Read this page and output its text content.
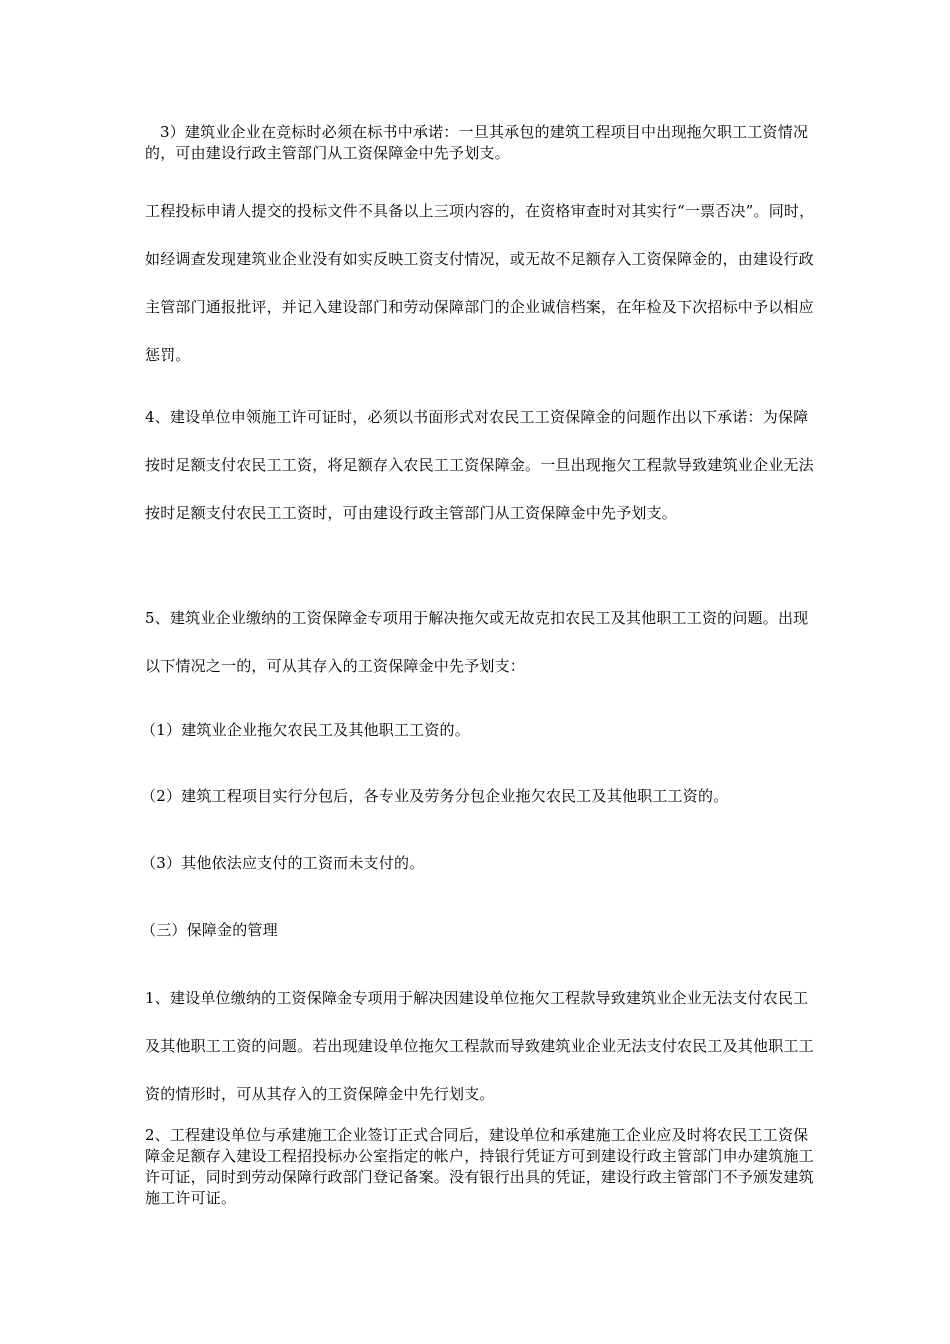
3）建筑业企业在竞标时必须在标书中承诺：一旦其承包的建筑工程项目中出现拖欠职工工资情况的，可由建设行政主管部门从工资保障金中先予划支。

工程投标申请人提交的投标文件不具备以上三项内容的，在资格审查时对其实行“一票否决”。同时，如经调查发现建筑业企业没有如实反映工资支付情况，或无故不足额存入工资保障金的，由建设行政主管部门通报批评，并记入建设部门和劳动保障部门的企业诚信档案，在年检及下次招标中予以相应惩罚。

4、建设单位申领施工许可证时，必须以书面形式对农民工工资保障金的问题作出以下承诺：为保障按时足额支付农民工工资，将足额存入农民工工资保障金。一旦出现拖欠工程款导致建筑业企业无法按时足额支付农民工工资时，可由建设行政主管部门从工资保障金中先予划支。

5、建筑业企业缴纳的工资保障金专项用于解决拖欠或无故克扣农民工及其他职工工资的问题。出现以下情况之一的，可从其存入的工资保障金中先予划支：

（1）建筑业企业拖欠农民工及其他职工工资的。

（2）建筑工程项目实行分包后，各专业及劳务分包企业拖欠农民工及其他职工工资的。

（3）其他依法应支付的工资而未支付的。

（三）保障金的管理

1、建设单位缴纳的工资保障金专项用于解决因建设单位拖欠工程款导致建筑业企业无法支付农民工及其他职工工资的问题。若出现建设单位拖欠工程款而导致建筑业企业无法支付农民工及其他职工工资的情形时，可从其存入的工资保障金中先行划支。

2、工程建设单位与承建施工企业签订正式合同后，建设单位和承建施工企业应及时将农民工工资保障金足额存入建设工程招投标办公室指定的帐户，持银行凭证方可到建设行政主管部门申办建筑施工许可证，同时到劳动保障行政部门登记备案。没有银行出具的凭证，建设行政主管部门不予颁发建筑施工许可证。
